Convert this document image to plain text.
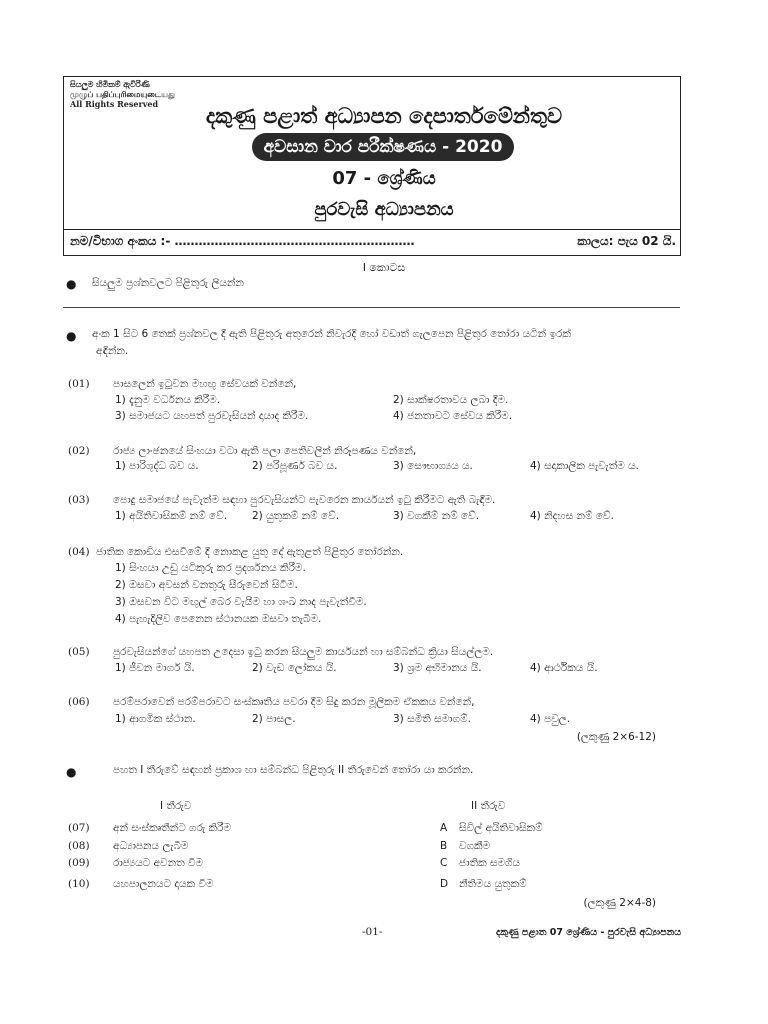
සියලුම හිමිකම් ඇවිරිණි
முழுப் பதிப்புரிமையுடையது
All Rights Reserved	දකුණු පළාත් අධ්‍යාපන දෙපාර්තමේන්තුව
අවසාන වාර පරීක්ෂණය - 2020
07 - ශ්‍රේණිය
පුරවැසි අධ්‍යාපනය
නම/විභාග අංකය :- ……………………………………………………	කාලය: පැය 02 යි.
I කොටස
● සියලුම ප්‍රශ්නවලට පිළිතුරු ලියන්න
● අංක 1 සිට 6 තෙක් ප්‍රශ්නවල දී ඇති පිළිතුරු අතුරෙන් නිවැරදි හෝ වඩාත් ගැලපෙන පිළිතුර තෝරා යටින් ඉරක්
අඳින්න.
(01) පාසලෙන් ඉටුවන මහඟු සේවයක් වන්නේ,
1) දැනුම වර්ධනය කිරීම.	2) සාක්ෂරතාවය ලබා දීම.
3) සමාජයට යහපත් පුරවැසියන් දායාද කිරීම.	4) ජනතාවට සේවය කිරීම.
(02) රාජ්‍ය ලාංඡනයේ සිංහයා වටා ඇති පලා පෙතිවලින් නිරූපණය වන්නේ,
1) පාරිශුද්ධ බව ය.	2) පරිපූර්ණ බව ය.	3) සෞභාග්‍යය ය.	4) සදාකාලික පැවැත්ම ය.
(03) පොදු සමාජයේ පැවැත්ම සඳහා පුරවැසියන්ට පැවරෙන කාර්යයන් ඉටු කිරීමට ඇති බැඳීම.
1) අයිතිවාසිකම් නම් වේ. 2) යුතුකම් නම් වේ.	3) වගකීම් නම් වේ.	4) නිදහස නම් වේ.
(04) ජාතික කොඩිය එසවීමේ දී නොකළ යුතු දේ ඇතුළත් පිළිතුර තෝරන්න.
1) සිංහයා උඩු යටිකුරු කර ප්‍රදර්ශනය කිරීම.
2) ඔසවා අවසන් වනතුරු සීරුවෙන් සිටීම.
3) ඔසවන විට මඟුල් බෙර වැයීම හා ශංඛ නාද පැවැත්වීම.
4) පැහැදිලිව පෙනෙන ස්ථානයක ඔසවා තැබීම.
(05) පුරවැසියන්ගේ යහපත උදෙසා ඉටු කරන සියලුම කාර්යයන් හා සම්බන්ධ ක්‍රියා සියල්ලම.
1) ජීවන මාර්ග යි.	2) වැඩ ලෝකය යි.	3) ශ්‍රම අභිමානය යි.	4) ආර්ථිකය යි.
(06) පරම්පරාවෙන් පරම්පරාවට සංස්කෘතිය පවරා දීම සිදු කරන මූලිකම ඒකකය වන්නේ,
1) ආගමික ස්ථාන.	2) පාසල.	3) සමිති සමාගම්.	4) පවුල.
(ලකුණු 2×6-12)
●	පහත I තීරුවේ සඳහන් ප්‍රකාශ හා සම්බන්ධ පිළිතුරු II තීරුවෙන් තෝරා යා කරන්න.
I තීරුව	II තීරුව
(07) අන් සංස්කෘතීන්ට ගරු කිරීම	A සිවිල් අයිතිවාසිකම්
(08) අධ්‍යාපනය ලැබීම	B වගකීම
(09) රාජ්‍යයට අවනත වීම	C ජාතික සමගිය
(10) යහපාලනයට දායක වීම	D නීතිමය යුතුකම්
(ලකුණු 2×4-8)
-01-	දකුණු පළාත 07 ශ්‍රේණිය - පුරවැසි අධ්‍යාපනය
